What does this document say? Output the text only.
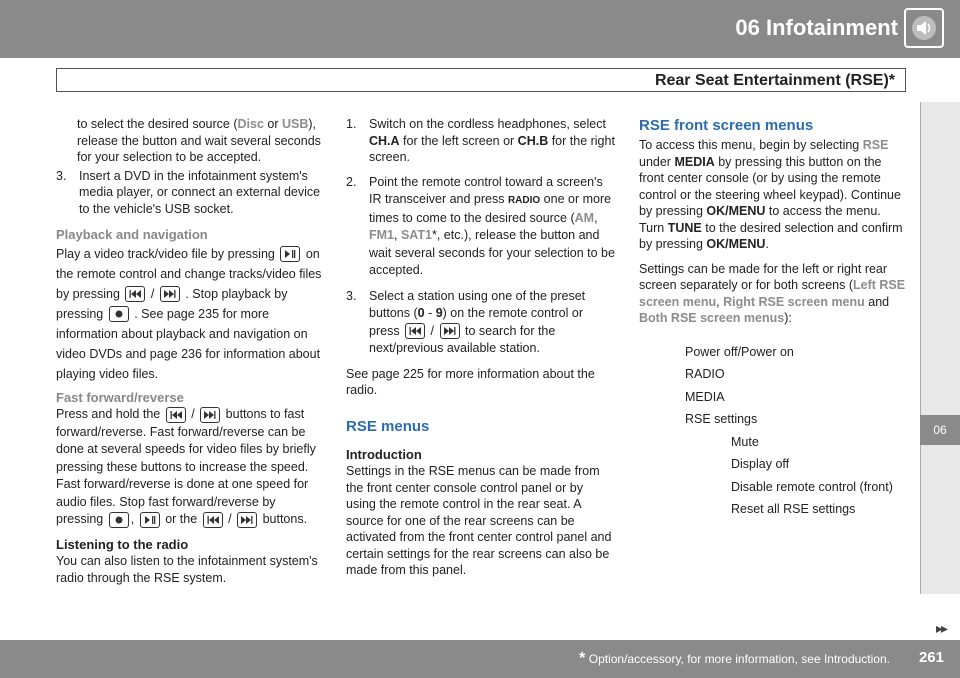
06 Infotainment
Rear Seat Entertainment (RSE)*
06

to select the desired source (Disc or USB), release the button and wait several seconds for your selection to be accepted.

3. Insert a DVD in the infotainment system's media player, or connect an external device to the vehicle's USB socket.

Playback and navigation

Play a video track/video file by pressing on the remote control and change tracks/video files by pressing / . Stop playback by pressing . See page 235 for more information about playback and navigation on video DVDs and page 236 for information about playing video files.

Fast forward/reverse

Press and hold the / buttons to fast forward/reverse. Fast forward/reverse can be done at several speeds for video files by briefly pressing these buttons to increase the speed. Fast forward/reverse is done at one speed for audio files. Stop fast forward/reverse by pressing , or the / buttons.

Listening to the radio

You can also listen to the infotainment system's radio through the RSE system.

1. Switch on the cordless headphones, select CH.A for the left screen or CH.B for the right screen.
2. Point the remote control toward a screen's IR transceiver and press RADIO one or more times to come to the desired source (AM, FM1, SAT1*, etc.), release the button and wait several seconds for your selection to be accepted.
3. Select a station using one of the preset buttons (0 - 9) on the remote control or press / to search for the next/previous available station.

See page 225 for more information about the radio.

RSE menus

Introduction

Settings in the RSE menus can be made from the front center console control panel or by using the remote control in the rear seat. A source for one of the rear screens can be activated from the front center control panel and certain settings for the rear screens can also be made from this panel.

RSE front screen menus

To access this menu, begin by selecting RSE under MEDIA by pressing this button on the front center console (or by using the remote control or the steering wheel keypad). Continue by pressing OK/MENU to access the menu. Turn TUNE to the desired selection and confirm by pressing OK/MENU.

Settings can be made for the left or right rear screen separately or for both screens (Left RSE screen menu, Right RSE screen menu and Both RSE screen menus):

Power off/Power on
RADIO
MEDIA
RSE settings
Mute
Display off
Disable remote control (front)
Reset all RSE settings
▸▸
* Option/accessory, for more information, see Introduction. 261
